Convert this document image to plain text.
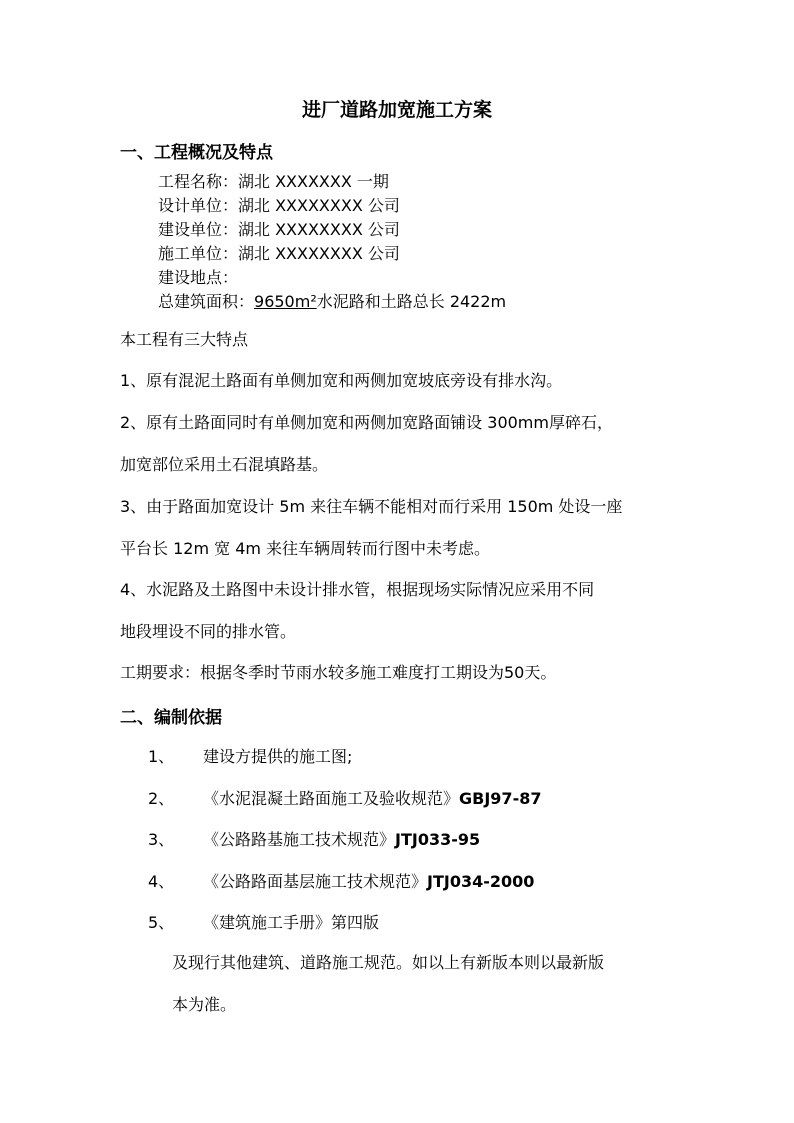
进厂道路加宽施工方案
一、工程概况及特点
工程名称：湖北 XXXXXXX 一期
设计单位：湖北 XXXXXXXX 公司
建设单位：湖北 XXXXXXXX 公司
施工单位：湖北 XXXXXXXX 公司
建设地点：
总建筑面积：9650m²水泥路和土路总长 2422m
本工程有三大特点
1、原有混泥土路面有单侧加宽和两侧加宽坡底旁设有排水沟。
2、原有土路面同时有单侧加宽和两侧加宽路面铺设 300mm厚碎石，
加宽部位采用土石混填路基。
3、由于路面加宽设计 5m 来往车辆不能相对而行采用 150m 处设一座
平台长 12m 宽 4m 来往车辆周转而行图中未考虑。
4、水泥路及土路图中未设计排水管，根据现场实际情况应采用不同
地段埋设不同的排水管。
工期要求：根据冬季时节雨水较多施工难度打工期设为50天。
二、编制依据
1、 建设方提供的施工图;
2、 《水泥混凝土路面施工及验收规范》GBJ97-87
3、 《公路路基施工技术规范》JTJ033-95
4、 《公路路面基层施工技术规范》JTJ034-2000
5、 《建筑施工手册》第四版
及现行其他建筑、道路施工规范。如以上有新版本则以最新版
本为准。
